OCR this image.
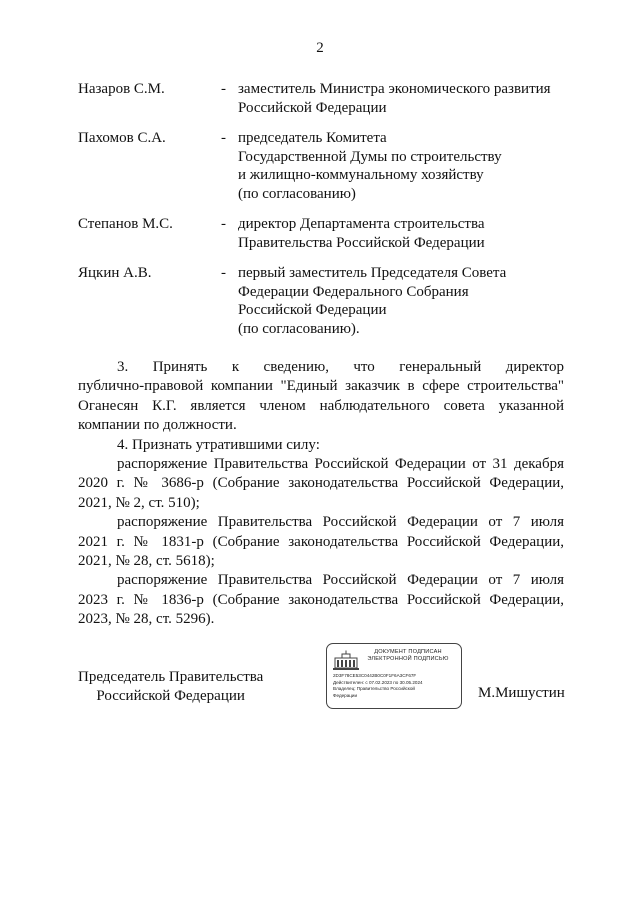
2
Назаров С.М.	- заместитель Министра экономического развития
Российской Федерации
Пахомов С.А.	- председатель Комитета
Государственной Думы по строительству
и жилищно-коммунальному хозяйству
(по согласованию)
Степанов М.С.	- директор Департамента строительства
Правительства Российской Федерации
Яцкин А.В.	- первый заместитель Председателя Совета
Федерации Федерального Собрания
Российской Федерации
(по согласованию).

3. Принять к сведению, что генеральный директор

публично-правовой компании "Единый заказчик в сфере строительства"

Оганесян К.Г. является членом наблюдательного совета указанной

компании по должности.

4. Признать утратившими силу:

распоряжение Правительства Российской Федерации от 31 декабря

2020 г. № 3686-р (Собрание законодательства Российской Федерации,

2021, № 2, ст. 510);

распоряжение Правительства Российской Федерации от 7 июля

2021 г. № 1831-р (Собрание законодательства Российской Федерации,

2021, № 28, ст. 5618);

распоряжение Правительства Российской Федерации от 7 июля

2023 г. № 1836-р (Собрание законодательства Российской Федерации,

2023, № 28, ст. 5296).

Председатель Правительства
Российской Федерации
ДОКУМЕНТ ПОДПИСАН
ЭЛЕКТРОННОЙ ПОДПИСЬЮ
2D3F78CE53C0442B0C0F1F6A3CF67F
Действителен: с 07.02.2023 по 30.05.2024
Владелец: Правительство Российской
Федерации	М.Мишустин
